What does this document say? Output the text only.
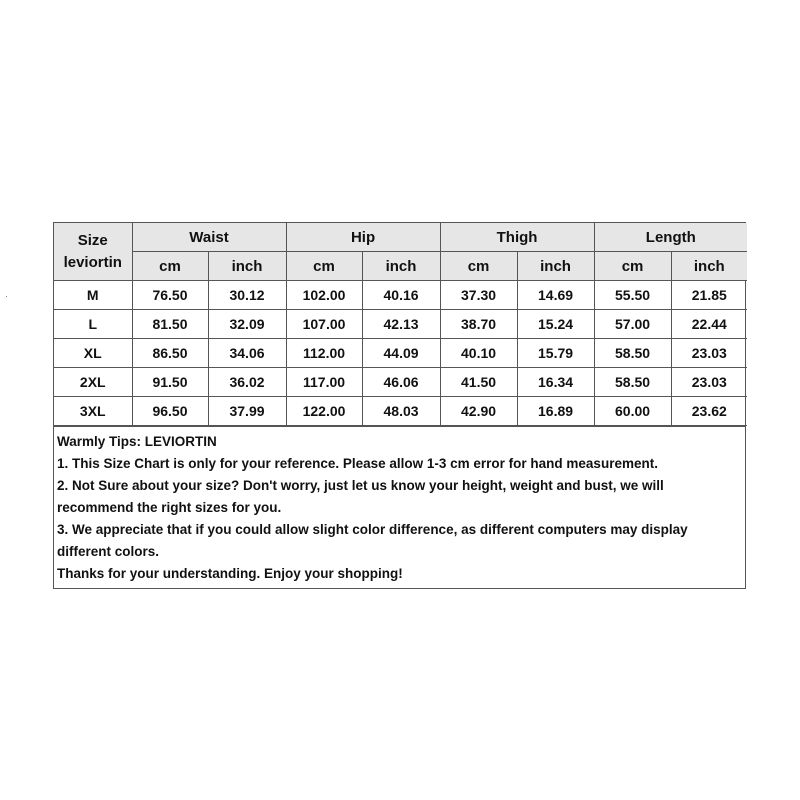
Size
leviortin	Waist		Hip		Thigh		Length	
	cm	inch	cm	inch	cm	inch	cm	inch
M	76.50	30.12	102.00	40.16	37.30	14.69	55.50	21.85
L	81.50	32.09	107.00	42.13	38.70	15.24	57.00	22.44
XL	86.50	34.06	112.00	44.09	40.10	15.79	58.50	23.03
2XL	91.50	36.02	117.00	46.06	41.50	16.34	58.50	23.03
3XL	96.50	37.99	122.00	48.03	42.90	16.89	60.00	23.62
Warmly Tips: LEVIORTIN
1. This Size Chart is only for your reference. Please allow 1-3 cm error for hand measurement.
2. Not Sure about your size? Don't worry, just let us know your height, weight and bust, we will recommend the right sizes for you.
3. We appreciate that if you could allow slight color difference, as different computers may display different colors.
Thanks for your understanding. Enjoy your shopping!
